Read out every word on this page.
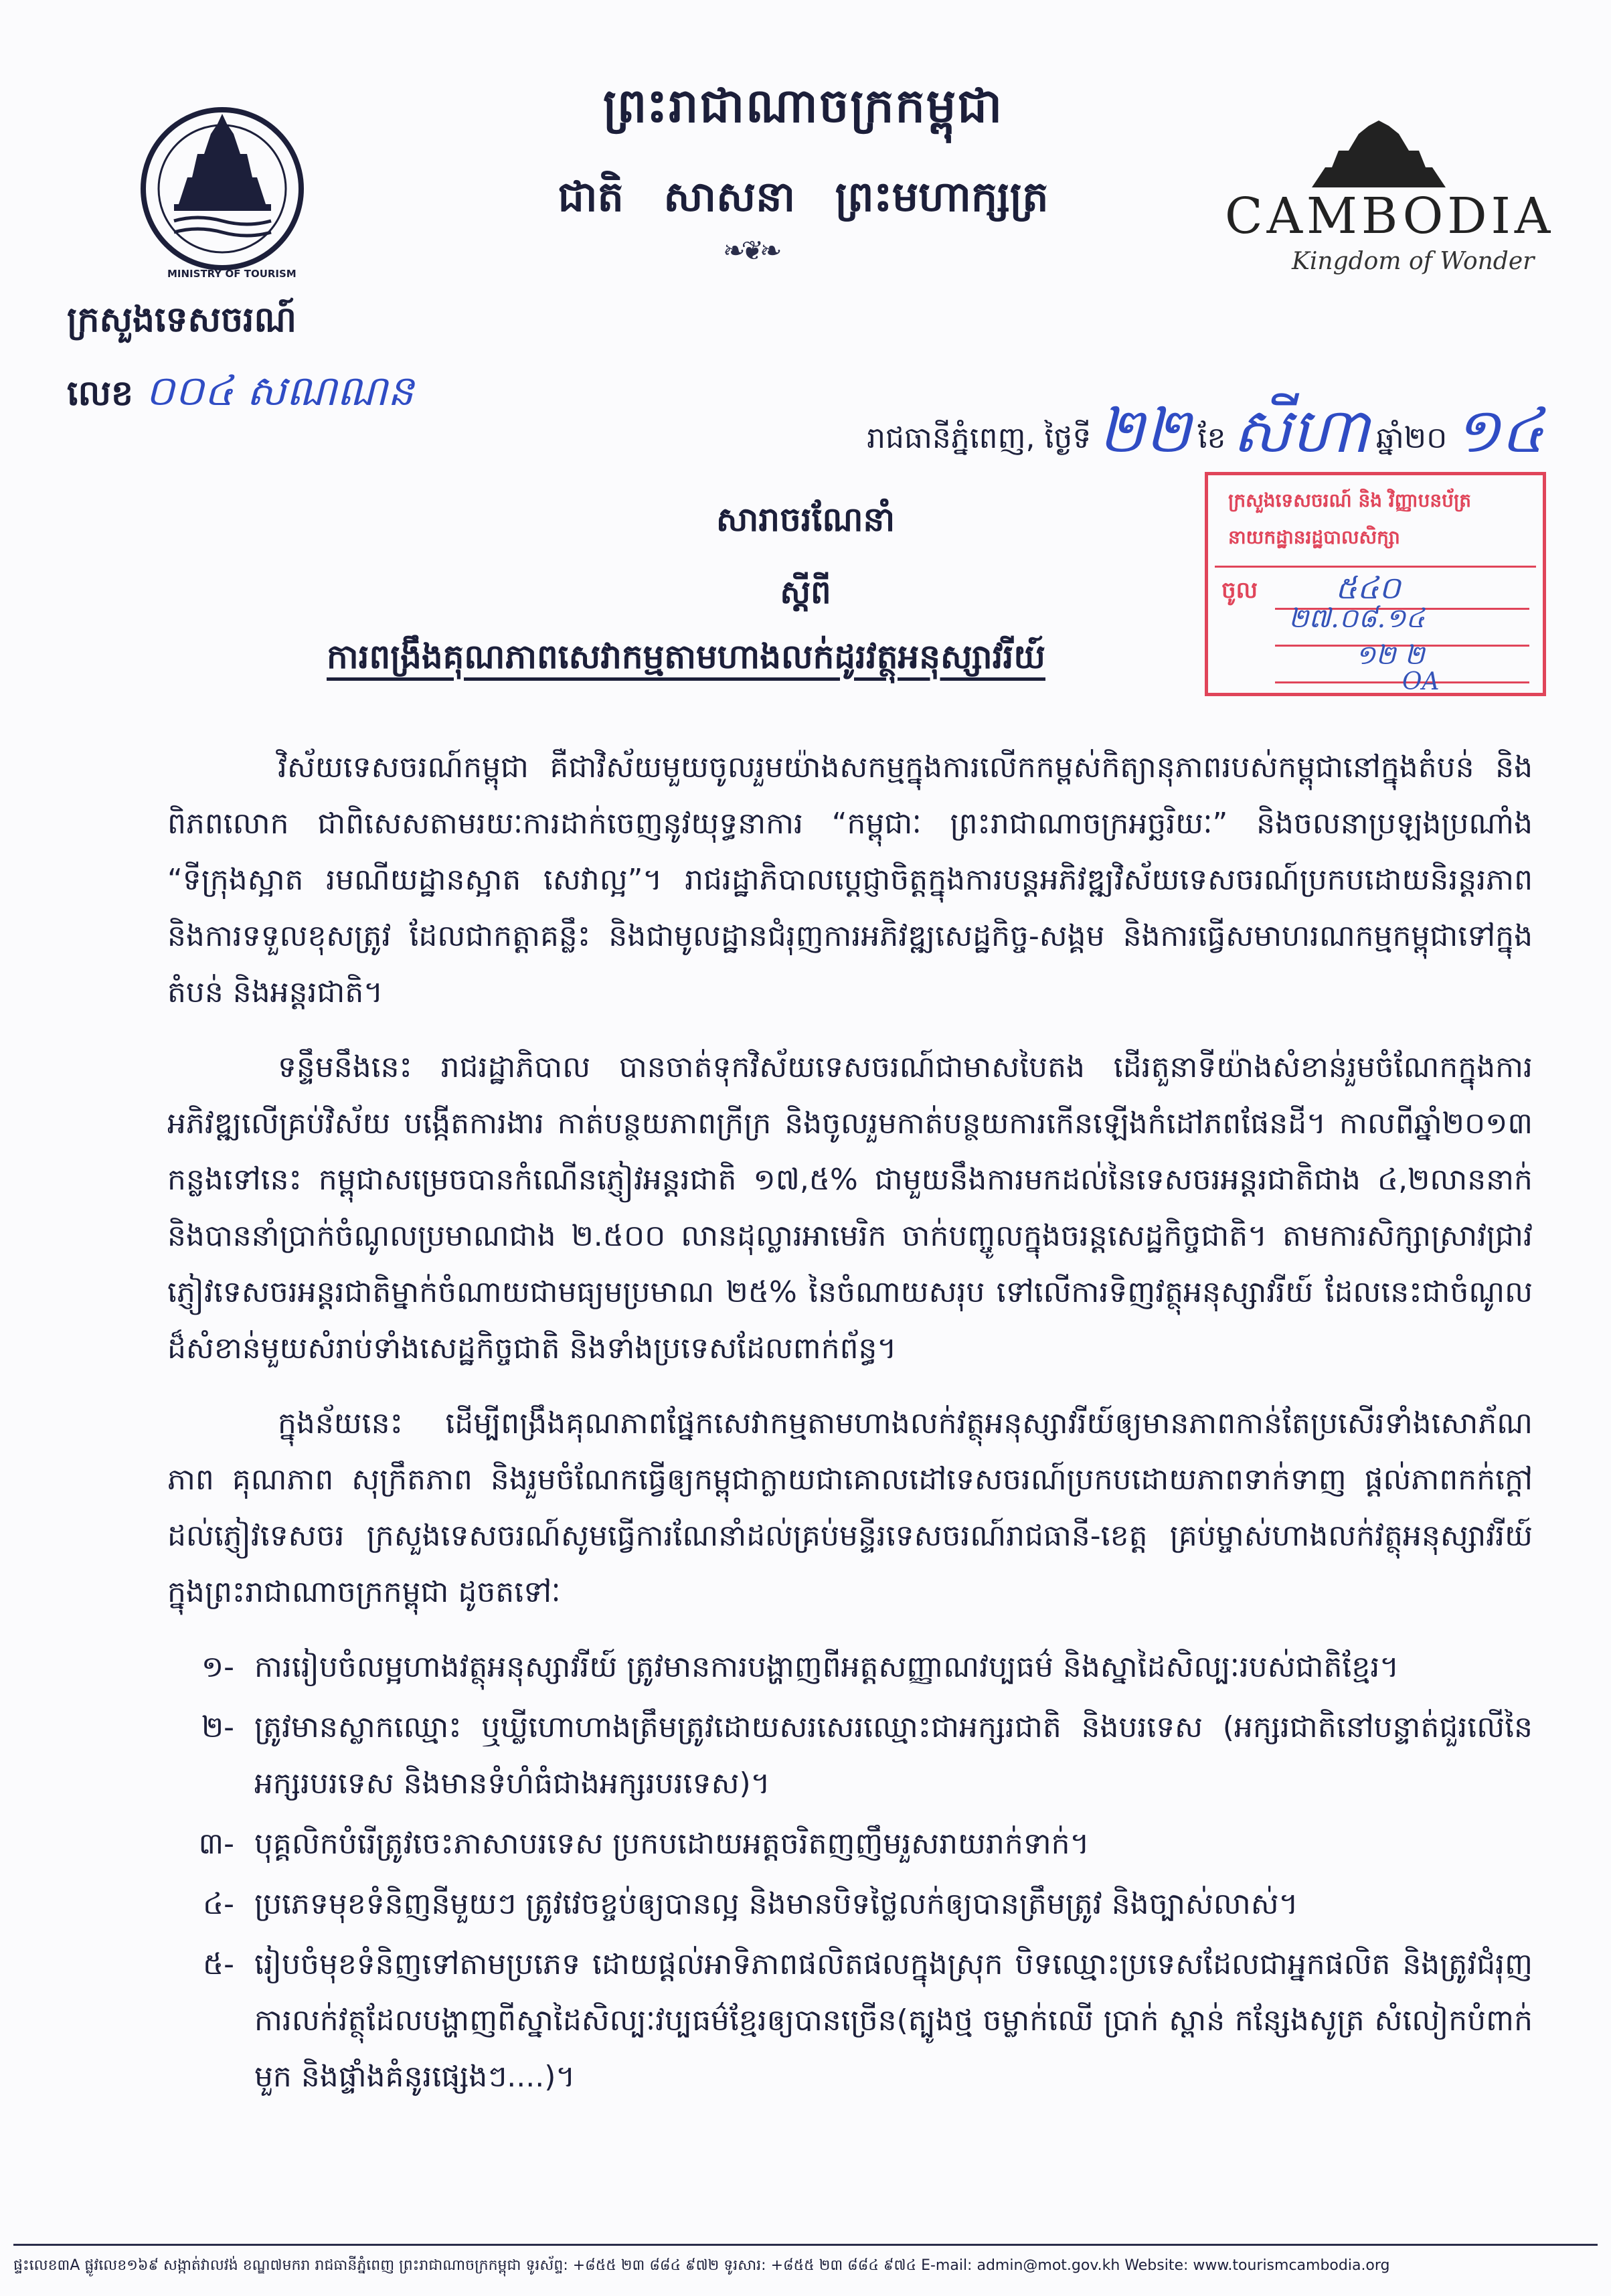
MINISTRY OF TOURISM
CAMBODIA
Kingdom of Wonder
ព្រះរាជាណាចក្រកម្ពុជា
ជាតិ សាសនា ព្រះមហាក្សត្រ
❧❦❧
ក្រសួងទេសចរណ៍
លេខ ០០៤ សណណន
រាជធានីភ្នំពេញ, ថ្ងៃទី ២២ ខែ សីហា ឆ្នាំ២០ ១៤
ក្រសួងទេសចរណ៍ និង វិញ្ញាបនប័ត្រ
នាយកដ្ឋានរដ្ឋបាលសិក្សា
ចូល	៥៤០
២៧.០៨.១៤
១២ ២
OA
សារាចរណែនាំ
ស្តីពី
ការពង្រឹងគុណភាពសេវាកម្មតាមហាងលក់ដូរវត្ថុអនុស្សាវរីយ៍

វិស័យទេសចរណ៍កម្ពុជា គឺជាវិស័យមួយចូលរួមយ៉ាងសកម្មក្នុងការលើកកម្ពស់កិត្យានុភាពរបស់កម្ពុជានៅក្នុងតំបន់ និងពិភពលោក ជាពិសេសតាមរយៈការដាក់ចេញនូវយុទ្ធនាការ “កម្ពុជាៈ ព្រះរាជាណាចក្រអច្ឆរិយៈ” និងចលនាប្រឡងប្រណាំង “ទីក្រុងស្អាត រមណីយដ្ឋានស្អាត សេវាល្អ”។ រាជរដ្ឋាភិបាលប្តេជ្ញាចិត្តក្នុងការបន្តអភិវឌ្ឍវិស័យទេសចរណ៍ប្រកបដោយនិរន្តរភាព និងការទទួលខុសត្រូវ ដែលជាកត្តាគន្លឹះ និងជាមូលដ្ឋានជំរុញការអភិវឌ្ឍសេដ្ឋកិច្ច-សង្គម និងការធ្វើសមាហរណកម្មកម្ពុជាទៅក្នុងតំបន់ និងអន្តរជាតិ។

ទន្ទឹមនឹងនេះ រាជរដ្ឋាភិបាល បានចាត់ទុកវិស័យទេសចរណ៍ជាមាសបៃតង ដើរតួនាទីយ៉ាងសំខាន់រួមចំណែកក្នុងការអភិវឌ្ឍលើគ្រប់វិស័យ បង្កើតការងារ កាត់បន្ថយភាពក្រីក្រ និងចូលរួមកាត់បន្ថយការកើនឡើងកំដៅភពផែនដី។ កាលពីឆ្នាំ២០១៣ កន្លងទៅនេះ កម្ពុជាសម្រេចបានកំណើនភ្ញៀវអន្តរជាតិ ១៧,៥% ជាមួយនឹងការមកដល់នៃទេសចរអន្តរជាតិជាង ៤,២លាននាក់ និងបាននាំប្រាក់ចំណូលប្រមាណជាង ២.៥០០ លានដុល្លារអាមេរិក ចាក់បញ្ចូលក្នុងចរន្តសេដ្ឋកិច្ចជាតិ។ តាមការសិក្សាស្រាវជ្រាវ ភ្ញៀវទេសចរអន្តរជាតិម្នាក់ចំណាយជាមធ្យមប្រមាណ ២៥% នៃចំណាយសរុប ទៅលើការទិញវត្ថុអនុស្សាវរីយ៍ ដែលនេះជាចំណូលដ៏សំខាន់មួយសំរាប់ទាំងសេដ្ឋកិច្ចជាតិ និងទាំងប្រទេសដែលពាក់ព័ន្ធ។

ក្នុងន័យនេះ ដើម្បីពង្រឹងគុណភាពផ្នែកសេវាកម្មតាមហាងលក់វត្ថុអនុស្សាវរីយ៍ឲ្យមានភាពកាន់តែប្រសើរទាំងសោភ័ណភាព គុណភាព សុក្រឹតភាព និងរួមចំណែកធ្វើឲ្យកម្ពុជាក្លាយជាគោលដៅទេសចរណ៍ប្រកបដោយភាពទាក់ទាញ ផ្តល់ភាពកក់ក្តៅដល់ភ្ញៀវទេសចរ ក្រសួងទេសចរណ៍សូមធ្វើការណែនាំដល់គ្រប់មន្ទីរទេសចរណ៍រាជធានី-ខេត្ត គ្រប់ម្ចាស់ហាងលក់វត្ថុអនុស្សាវរីយ៍ក្នុងព្រះរាជាណាចក្រកម្ពុជា ដូចតទៅៈ

១- ការរៀបចំលម្អហាងវត្ថុអនុស្សាវរីយ៍ ត្រូវមានការបង្ហាញពីអត្តសញ្ញាណវប្បធម៌ និងស្នាដៃសិល្បៈរបស់ជាតិខ្មែរ។
២- ត្រូវមានស្លាកឈ្មោះ ឬឃ្លីហោហាងត្រឹមត្រូវដោយសរសេរឈ្មោះជាអក្សរជាតិ និងបរទេស (អក្សរជាតិនៅបន្ទាត់ជួរលើនៃអក្សរបរទេស និងមានទំហំធំជាងអក្សរបរទេស)។
៣- បុគ្គលិកបំរើត្រូវចេះភាសាបរទេស ប្រកបដោយអត្តចរិតញញឹមរួសរាយរាក់ទាក់។
៤- ប្រភេទមុខទំនិញនីមួយៗ ត្រូវវេចខ្ចប់ឲ្យបានល្អ និងមានបិទថ្លៃលក់ឲ្យបានត្រឹមត្រូវ និងច្បាស់លាស់។
៥- រៀបចំមុខទំនិញទៅតាមប្រភេទ ដោយផ្តល់អាទិភាពផលិតផលក្នុងស្រុក បិទឈ្មោះប្រទេសដែលជាអ្នកផលិត និងត្រូវជំរុញការលក់វត្ថុដែលបង្ហាញពីស្នាដៃសិល្បៈវប្បធម៌ខ្មែរឲ្យបានច្រើន(ត្បូងថ្ម ចម្លាក់ឈើ ប្រាក់ ស្ពាន់ កន្សែងសូត្រ សំលៀកបំពាក់ មួក និងផ្ទាំងគំនូរផ្សេងៗ....)។
ផ្ទះលេខ៣A ផ្លូវលេខ១៦៩ សង្កាត់វាលវង់ ខណ្ឌ៧មករា រាជធានីភ្នំពេញ ព្រះរាជាណាចក្រកម្ពុជា ទូរស័ព្ទ: +៨៥៥ ២៣ ៨៨៤ ៩៧២ ទូរសារ: +៨៥៥ ២៣ ៨៨៤ ៩៧៤ E-mail: admin@mot.gov.kh Website: www.tourismcambodia.org
